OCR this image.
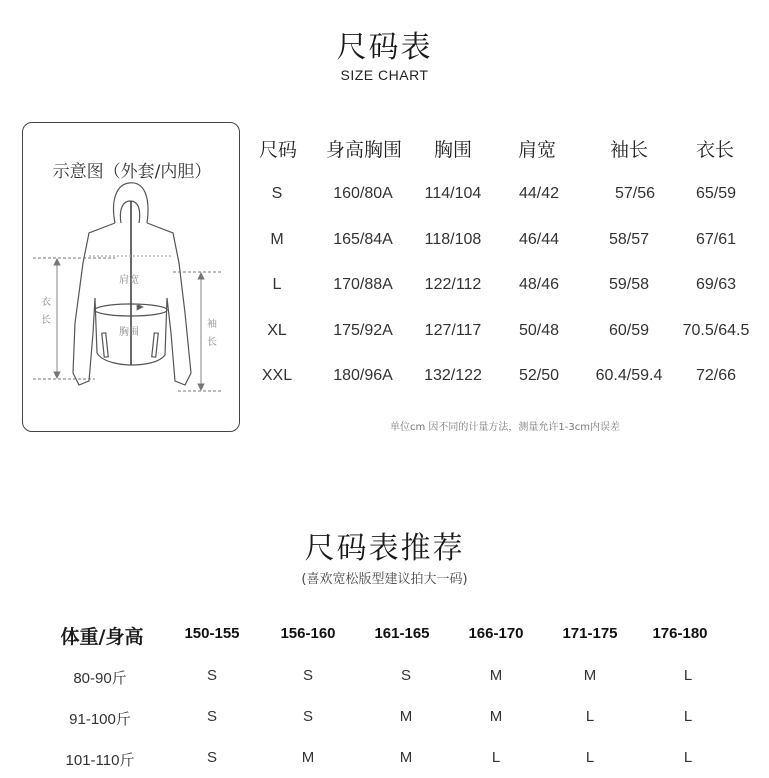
尺码表
SIZE CHART
示意图（外套/内胆）
肩宽
胸围
衣
长	袖
长
尺码	身高胸围	胸围	肩宽	袖长	衣长
S	160/80A	114/104	44/42	57/56	65/59
M	165/84A	118/108	46/44	58/57	67/61
L	170/88A	122/112	48/46	59/58	69/63
XL	175/92A	127/117	50/48	60/59	70.5/64.5
XXL	180/96A	132/122	52/50	60.4/59.4	72/66
单位cm 因不同的计量方法，测量允许1-3cm内误差
尺码表推荐
(喜欢宽松版型建议拍大一码)
体重/身高	150-155	156-160	161-165	166-170	171-175	176-180
80-90斤	S	S	S	M	M	L
91-100斤	S	S	M	M	L	L
101-110斤	S	M	M	L	L	L
